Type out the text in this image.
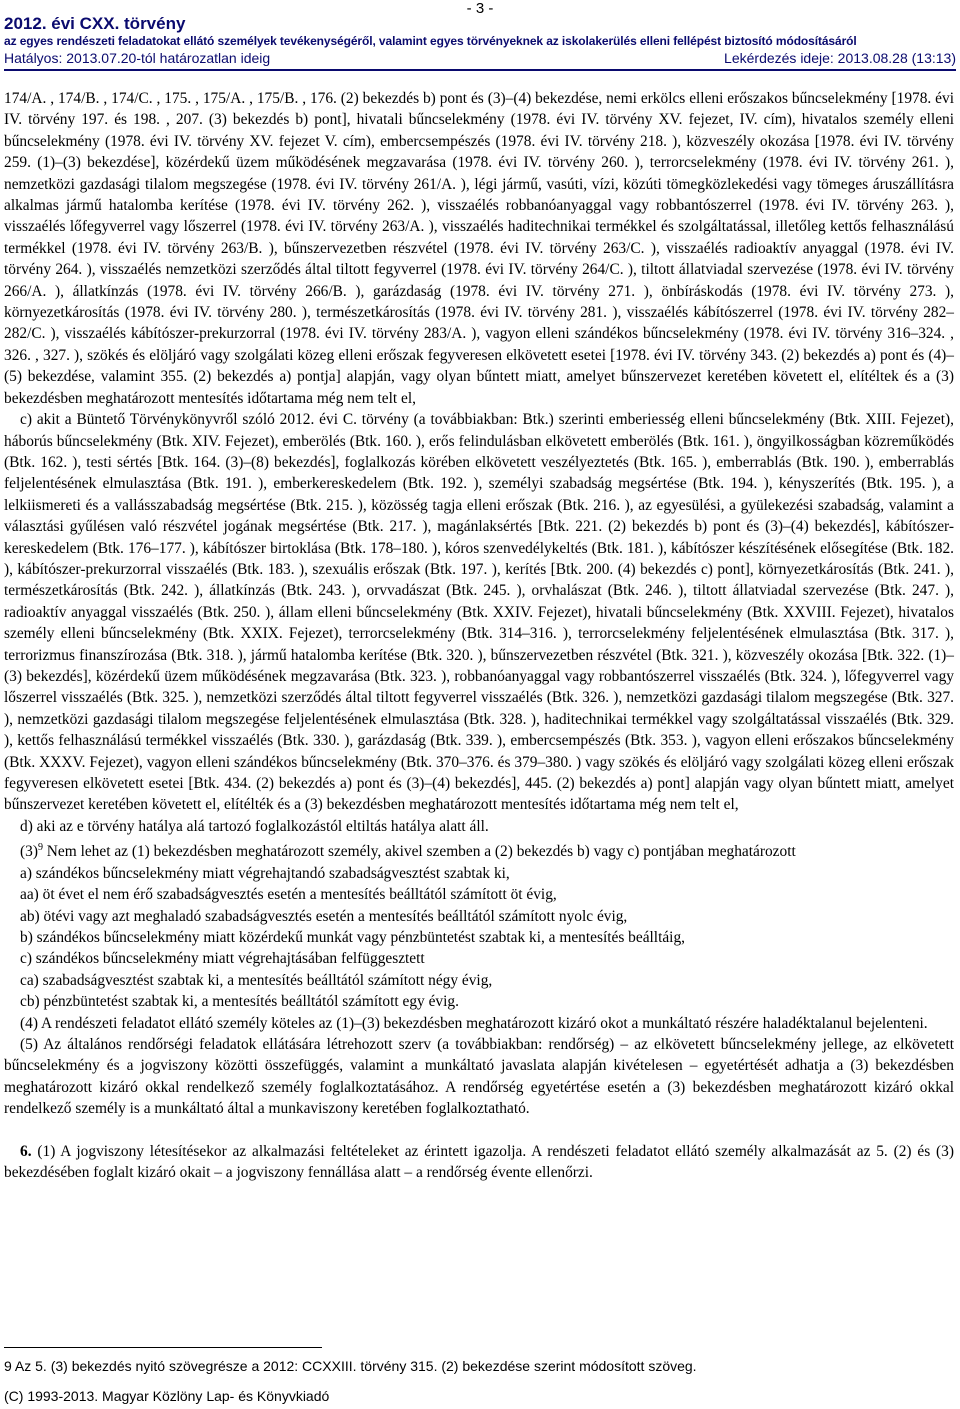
- 3 -
2012. évi CXX. törvény
az egyes rendészeti feladatokat ellátó személyek tevékenységéről, valamint egyes törvényeknek az iskolakerülés elleni fellépést biztosító módosításáról
Hatályos: 2013.07.20-tól határozatlan ideig	Lekérdezés ideje: 2013.08.28 (13:13)

174/A. , 174/B. , 174/C. , 175. , 175/A. , 175/B. , 176. (2) bekezdés b) pont és (3)–(4) bekezdése, nemi erkölcs elleni erőszakos bűncselekmény [1978. évi IV. törvény 197. és 198. , 207. (3) bekezdés b) pont], hivatali bűncselekmény (1978. évi IV. törvény XV. fejezet, IV. cím), hivatalos személy elleni bűncselekmény (1978. évi IV. törvény XV. fejezet V. cím), embercsempészés (1978. évi IV. törvény 218. ), közveszély okozása [1978. évi IV. törvény 259. (1)–(3) bekezdése], közérdekű üzem működésének megzavarása (1978. évi IV. törvény 260. ), terrorcselekmény (1978. évi IV. törvény 261. ), nemzetközi gazdasági tilalom megszegése (1978. évi IV. törvény 261/A. ), légi jármű, vasúti, vízi, közúti tömegközlekedési vagy tömeges áruszállításra alkalmas jármű hatalomba kerítése (1978. évi IV. törvény 262. ), visszaélés robbanóanyaggal vagy robbantószerrel (1978. évi IV. törvény 263. ), visszaélés lőfegyverrel vagy lőszerrel (1978. évi IV. törvény 263/A. ), visszaélés haditechnikai termékkel és szolgáltatással, illetőleg kettős felhasználású termékkel (1978. évi IV. törvény 263/B. ), bűnszervezetben részvétel (1978. évi IV. törvény 263/C. ), visszaélés radioaktív anyaggal (1978. évi IV. törvény 264. ), visszaélés nemzetközi szerződés által tiltott fegyverrel (1978. évi IV. törvény 264/C. ), tiltott állatviadal szervezése (1978. évi IV. törvény 266/A. ), állatkínzás (1978. évi IV. törvény 266/B. ), garázdaság (1978. évi IV. törvény 271. ), önbíráskodás (1978. évi IV. törvény 273. ), környezetkárosítás (1978. évi IV. törvény 280. ), természetkárosítás (1978. évi IV. törvény 281. ), visszaélés kábítószerrel (1978. évi IV. törvény 282–282/C. ), visszaélés kábítószer-prekurzorral (1978. évi IV. törvény 283/A. ), vagyon elleni szándékos bűncselekmény (1978. évi IV. törvény 316–324. , 326. , 327. ), szökés és elöljáró vagy szolgálati közeg elleni erőszak fegyveresen elkövetett esetei [1978. évi IV. törvény 343. (2) bekezdés a) pont és (4)–(5) bekezdése, valamint 355. (2) bekezdés a) pontja] alapján, vagy olyan bűntett miatt, amelyet bűnszervezet keretében követett el, elítéltek és a (3) bekezdésben meghatározott mentesítés időtartama még nem telt el,

c) akit a Büntető Törvénykönyvről szóló 2012. évi C. törvény (a továbbiakban: Btk.) szerinti emberiesség elleni bűncselekmény (Btk. XIII. Fejezet), háborús bűncselekmény (Btk. XIV. Fejezet), emberölés (Btk. 160. ), erős felindulásban elkövetett emberölés (Btk. 161. ), öngyilkosságban közreműködés (Btk. 162. ), testi sértés [Btk. 164. (3)–(8) bekezdés], foglalkozás körében elkövetett veszélyeztetés (Btk. 165. ), emberrablás (Btk. 190. ), emberrablás feljelentésének elmulasztása (Btk. 191. ), emberkereskedelem (Btk. 192. ), személyi szabadság megsértése (Btk. 194. ), kényszerítés (Btk. 195. ), a lelkiismereti és a vallásszabadság megsértése (Btk. 215. ), közösség tagja elleni erőszak (Btk. 216. ), az egyesülési, a gyülekezési szabadság, valamint a választási gyűlésen való részvétel jogának megsértése (Btk. 217. ), magánlaksértés [Btk. 221. (2) bekezdés b) pont és (3)–(4) bekezdés], kábítószer-kereskedelem (Btk. 176–177. ), kábítószer birtoklása (Btk. 178–180. ), kóros szenvedélykeltés (Btk. 181. ), kábítószer készítésének elősegítése (Btk. 182. ), kábítószer-prekurzorral visszaélés (Btk. 183. ), szexuális erőszak (Btk. 197. ), kerítés [Btk. 200. (4) bekezdés c) pont], környezetkárosítás (Btk. 241. ), természetkárosítás (Btk. 242. ), állatkínzás (Btk. 243. ), orvvadászat (Btk. 245. ), orvhalászat (Btk. 246. ), tiltott állatviadal szervezése (Btk. 247. ), radioaktív anyaggal visszaélés (Btk. 250. ), állam elleni bűncselekmény (Btk. XXIV. Fejezet), hivatali bűncselekmény (Btk. XXVIII. Fejezet), hivatalos személy elleni bűncselekmény (Btk. XXIX. Fejezet), terrorcselekmény (Btk. 314–316. ), terrorcselekmény feljelentésének elmulasztása (Btk. 317. ), terrorizmus finanszírozása (Btk. 318. ), jármű hatalomba kerítése (Btk. 320. ), bűnszervezetben részvétel (Btk. 321. ), közveszély okozása [Btk. 322. (1)–(3) bekezdés], közérdekű üzem működésének megzavarása (Btk. 323. ), robbanóanyaggal vagy robbantószerrel visszaélés (Btk. 324. ), lőfegyverrel vagy lőszerrel visszaélés (Btk. 325. ), nemzetközi szerződés által tiltott fegyverrel visszaélés (Btk. 326. ), nemzetközi gazdasági tilalom megszegése (Btk. 327. ), nemzetközi gazdasági tilalom megszegése feljelentésének elmulasztása (Btk. 328. ), haditechnikai termékkel vagy szolgáltatással visszaélés (Btk. 329. ), kettős felhasználású termékkel visszaélés (Btk. 330. ), garázdaság (Btk. 339. ), embercsempészés (Btk. 353. ), vagyon elleni erőszakos bűncselekmény (Btk. XXXV. Fejezet), vagyon elleni szándékos bűncselekmény (Btk. 370–376. és 379–380. ) vagy szökés és elöljáró vagy szolgálati közeg elleni erőszak fegyveresen elkövetett esetei [Btk. 434. (2) bekezdés a) pont és (3)–(4) bekezdés], 445. (2) bekezdés a) pont] alapján vagy olyan bűntett miatt, amelyet bűnszervezet keretében követett el, elítélték és a (3) bekezdésben meghatározott mentesítés időtartama még nem telt el,

d) aki az e törvény hatálya alá tartozó foglalkozástól eltiltás hatálya alatt áll.

$(3)^9$ Nem lehet az (1) bekezdésben meghatározott személy, akivel szemben a (2) bekezdés b) vagy c) pontjában meghatározott

a) szándékos bűncselekmény miatt végrehajtandó szabadságvesztést szabtak ki,

aa) öt évet el nem érő szabadságvesztés esetén a mentesítés beálltától számított öt évig,

ab) ötévi vagy azt meghaladó szabadságvesztés esetén a mentesítés beálltától számított nyolc évig,

b) szándékos bűncselekmény miatt közérdekű munkát vagy pénzbüntetést szabtak ki, a mentesítés beálltáig,

c) szándékos bűncselekmény miatt végrehajtásában felfüggesztett

ca) szabadságvesztést szabtak ki, a mentesítés beálltától számított négy évig,

cb) pénzbüntetést szabtak ki, a mentesítés beálltától számított egy évig.

(4) A rendészeti feladatot ellátó személy köteles az (1)–(3) bekezdésben meghatározott kizáró okot a munkáltató részére haladéktalanul bejelenteni.

(5) Az általános rendőrségi feladatok ellátására létrehozott szerv (a továbbiakban: rendőrség) – az elkövetett bűncselekmény jellege, az elkövetett bűncselekmény és a jogviszony közötti összefüggés, valamint a munkáltató javaslata alapján kivételesen – egyetértését adhatja a (3) bekezdésben meghatározott kizáró okkal rendelkező személy foglalkoztatásához. A rendőrség egyetértése esetén a (3) bekezdésben meghatározott kizáró okkal rendelkező személy is a munkáltató által a munkaviszony keretében foglalkoztatható.

6. (1) A jogviszony létesítésekor az alkalmazási feltételeket az érintett igazolja. A rendészeti feladatot ellátó személy alkalmazását az 5. (2) és (3) bekezdésében foglalt kizáró okait – a jogviszony fennállása alatt – a rendőrség évente ellenőrzi.

9 Az 5. (3) bekezdés nyitó szövegrésze a 2012: CCXXIII. törvény 315. (2) bekezdése szerint módosított szöveg.
(C) 1993-2013. Magyar Közlöny Lap- és Könyvkiadó
